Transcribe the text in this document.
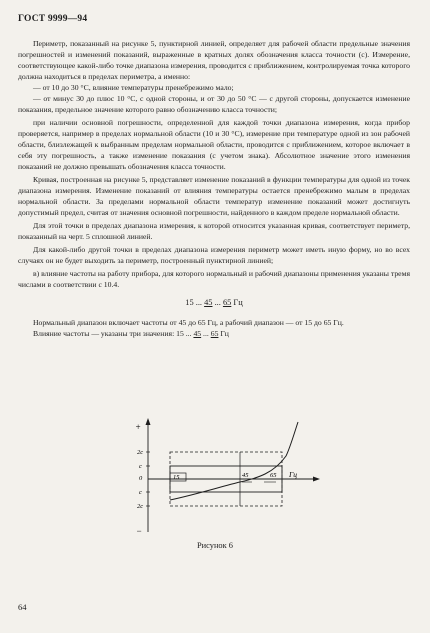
ГОСТ 9999—94

Периметр, показанный на рисунке 5, пунктирной линией, определяет для рабочей области предельные значения погрешностей и изменений показаний, выраженные в кратных долях обозначения класса точности (с). Измерение, соответствующее какой-либо точке диапазона измерения, проводится с приближением, контролируемая точка которого должна находиться в пределах периметра, а именно:

— от 10 до 30 °С, влияние температуры пренебрежимо мало;

— от минус 30 до плюс 10 °С, с одной стороны, и от 30 до 50 °С — с другой стороны, допускается изменение показания, предельное значение которого равно обозначению класса точности;

при наличии основной погрешности, определенной для каждой точки диапазона измерения, когда прибор проверяется, например в пределах нормальной области (10 и 30 °С), измерение при температуре одной из зон рабочей области, близлежащей к выбранным пределам нормальной области, проводится с приближением, которое включает в себя эту погрешность, а также изменение показания (с учетом знака). Абсолютное значение этого изменения показаний не должно превышать обозначения класса точности.

Кривая, построенная на рисунке 5, представляет изменение показаний в функции температуры для одной из точек диапазона измерения. Изменение показаний от влияния температуры остается пренебрежимо малым в пределах нормальной области. За пределами нормальной области температур изменение показаний может достигнуть допустимый предел, считая от значения основной погрешности, найденного в каждом пределе нормальной области.

Для этой точки в пределах диапазона измерения, к которой относится указанная кривая, соответствует периметр, показанный на черт. 5 сплошной линией.

Для какой-либо другой точки в пределах диапазона измерения периметр может иметь иную форму, но во всех случаях он не будет выходить за периметр, построенный пунктирной линией;

в) влияние частоты на работу прибора, для которого нормальный и рабочий диапазоны применения указаны тремя числами в соответствии с 10.4.

15 ... 45 ... 65 Гц

Нормальный диапазон включает частоты от 45 до 65 Гц, а рабочий диапазон — от 15 до 65 Гц.

Влияние частоты — указаны три значения: 15 ... 45 ... 65 Гц

+
−
2c
c
0
c
2c
15	45	65 Гц
Рисунок 6
64
